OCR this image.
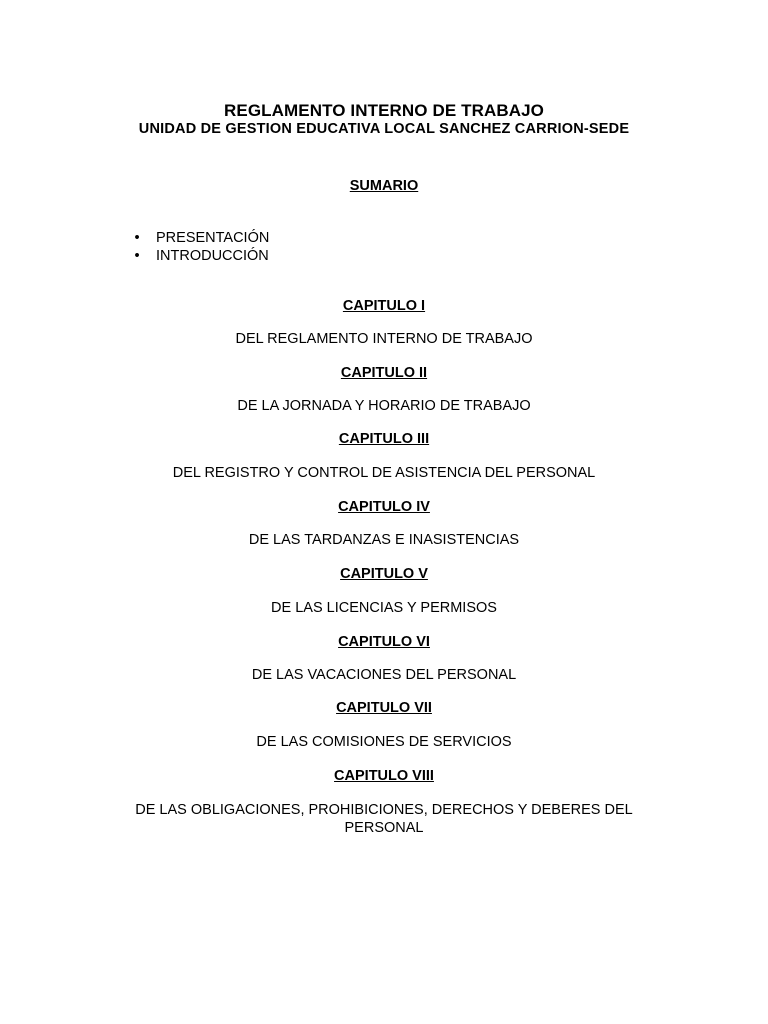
REGLAMENTO INTERNO DE TRABAJO
UNIDAD DE GESTION EDUCATIVA LOCAL SANCHEZ CARRION-SEDE
SUMARIO
• PRESENTACIÓN
• INTRODUCCIÓN
CAPITULO I
DEL REGLAMENTO INTERNO DE TRABAJO
CAPITULO II
DE LA JORNADA Y HORARIO DE TRABAJO
CAPITULO III
DEL REGISTRO Y CONTROL DE ASISTENCIA DEL PERSONAL
CAPITULO IV
DE LAS TARDANZAS E INASISTENCIAS
CAPITULO V
DE LAS LICENCIAS Y PERMISOS
CAPITULO VI
DE LAS VACACIONES DEL PERSONAL
CAPITULO VII
DE LAS COMISIONES DE SERVICIOS
CAPITULO VIII
DE LAS OBLIGACIONES, PROHIBICIONES, DERECHOS Y DEBERES DEL PERSONAL
